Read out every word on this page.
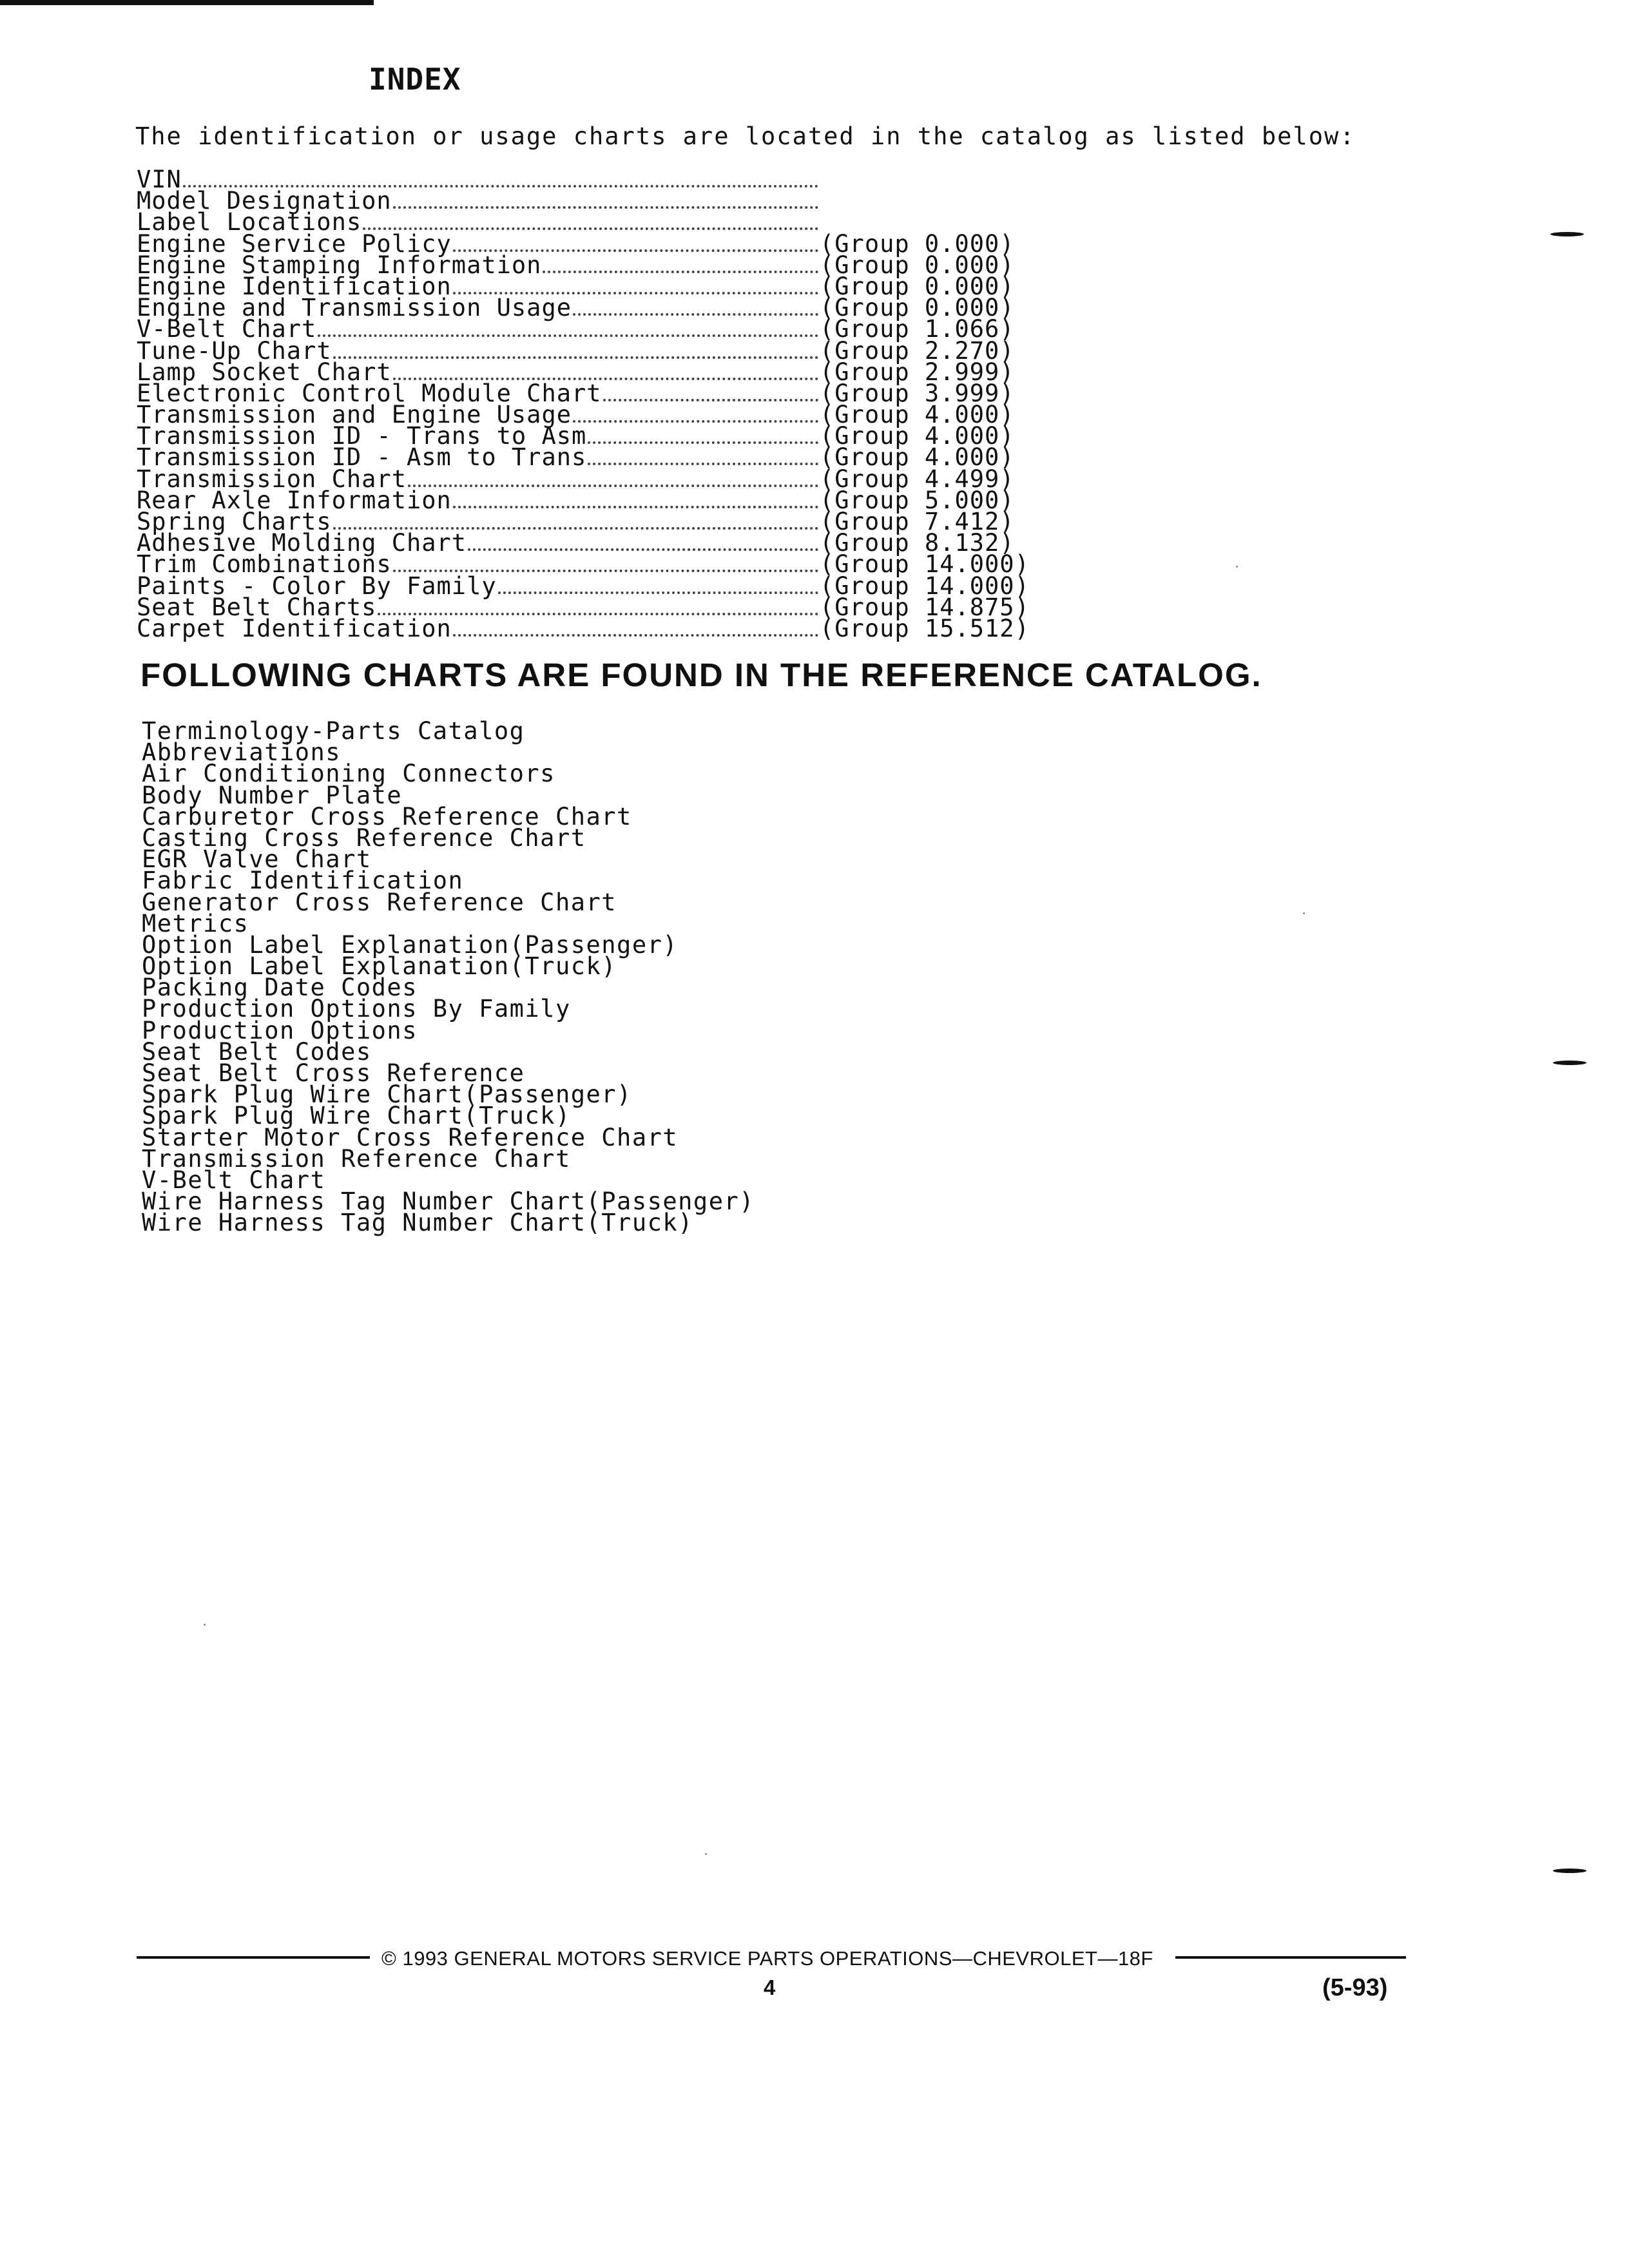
INDEX
The identification or usage charts are located in the catalog as listed below:
VIN
Model Designation
Label Locations
Engine Service Policy	(Group 0.000)
Engine Stamping Information	(Group 0.000)
Engine Identification	(Group 0.000)
Engine and Transmission Usage	(Group 0.000)
V-Belt Chart	(Group 1.066)
Tune-Up Chart	(Group 2.270)
Lamp Socket Chart	(Group 2.999)
Electronic Control Module Chart	(Group 3.999)
Transmission and Engine Usage	(Group 4.000)
Transmission ID - Trans to Asm	(Group 4.000)
Transmission ID - Asm to Trans	(Group 4.000)
Transmission Chart	(Group 4.499)
Rear Axle Information	(Group 5.000)
Spring Charts	(Group 7.412)
Adhesive Molding Chart	(Group 8.132)
Trim Combinations	(Group 14.000)
Paints - Color By Family	(Group 14.000)
Seat Belt Charts	(Group 14.875)
Carpet Identification	(Group 15.512)
FOLLOWING CHARTS ARE FOUND IN THE REFERENCE CATALOG.
Terminology-Parts Catalog
Abbreviations
Air Conditioning Connectors
Body Number Plate
Carburetor Cross Reference Chart
Casting Cross Reference Chart
EGR Valve Chart
Fabric Identification
Generator Cross Reference Chart
Metrics
Option Label Explanation(Passenger)
Option Label Explanation(Truck)
Packing Date Codes
Production Options By Family
Production Options
Seat Belt Codes
Seat Belt Cross Reference
Spark Plug Wire Chart(Passenger)
Spark Plug Wire Chart(Truck)
Starter Motor Cross Reference Chart
Transmission Reference Chart
V-Belt Chart
Wire Harness Tag Number Chart(Passenger)
Wire Harness Tag Number Chart(Truck)
© 1993 GENERAL MOTORS SERVICE PARTS OPERATIONS—CHEVROLET—18F
4	(5-93)
